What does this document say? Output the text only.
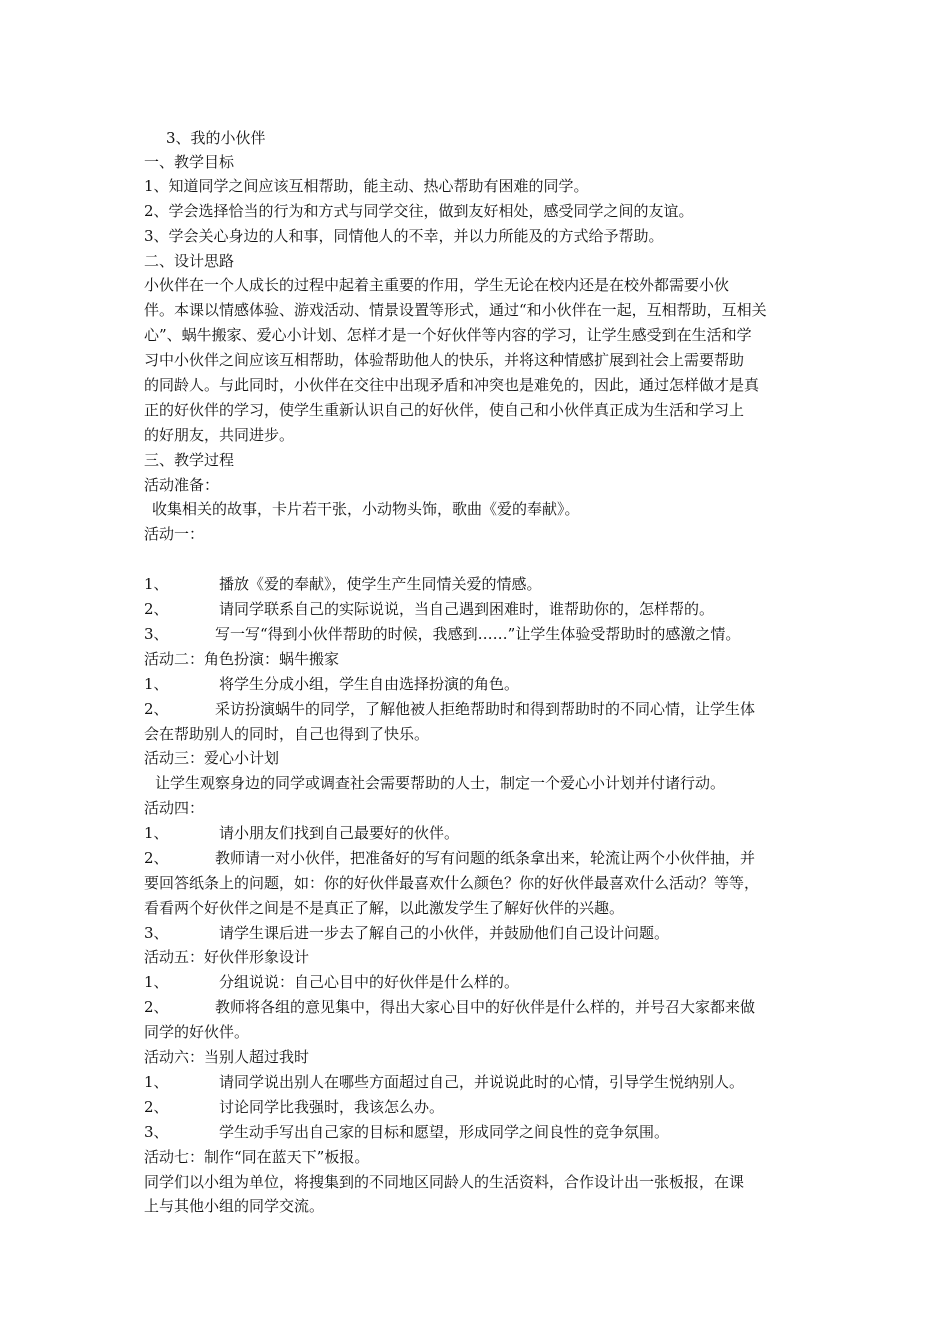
3、我的小伙伴
一、教学目标
1、知道同学之间应该互相帮助，能主动、热心帮助有困难的同学。
2、学会选择恰当的行为和方式与同学交往，做到友好相处，感受同学之间的友谊。
3、学会关心身边的人和事，同情他人的不幸，并以力所能及的方式给予帮助。
二、设计思路
小伙伴在一个人成长的过程中起着主重要的作用，学生无论在校内还是在校外都需要小伙
伴。本课以情感体验、游戏活动、情景设置等形式，通过“和小伙伴在一起，互相帮助，互相关
心”、蜗牛搬家、爱心小计划、怎样才是一个好伙伴等内容的学习，让学生感受到在生活和学
习中小伙伴之间应该互相帮助，体验帮助他人的快乐，并将这种情感扩展到社会上需要帮助
的同龄人。与此同时，小伙伴在交往中出现矛盾和冲突也是难免的，因此，通过怎样做才是真
正的好伙伴的学习，使学生重新认识自己的好伙伴，使自己和小伙伴真正成为生活和学习上
的好朋友，共同进步。
三、教学过程
活动准备：
收集相关的故事，卡片若干张，小动物头饰，歌曲《爱的奉献》。
活动一：
1、	播放《爱的奉献》，使学生产生同情关爱的情感。
2、	请同学联系自己的实际说说，当自己遇到困难时，谁帮助你的，怎样帮的。
3、	写一写“得到小伙伴帮助的时候，我感到……”让学生体验受帮助时的感激之情。
活动二：角色扮演：蜗牛搬家
1、	将学生分成小组，学生自由选择扮演的角色。
2、	采访扮演蜗牛的同学，了解他被人拒绝帮助时和得到帮助时的不同心情，让学生体
会在帮助别人的同时，自己也得到了快乐。
活动三：爱心小计划
让学生观察身边的同学或调查社会需要帮助的人士，制定一个爱心小计划并付诸行动。
活动四：
1、	请小朋友们找到自己最要好的伙伴。
2、	教师请一对小伙伴，把准备好的写有问题的纸条拿出来，轮流让两个小伙伴抽，并
要回答纸条上的问题，如：你的好伙伴最喜欢什么颜色？你的好伙伴最喜欢什么活动？等等，
看看两个好伙伴之间是不是真正了解，以此激发学生了解好伙伴的兴趣。
3、	请学生课后进一步去了解自己的小伙伴，并鼓励他们自己设计问题。
活动五：好伙伴形象设计
1、	分组说说：自己心目中的好伙伴是什么样的。
2、	教师将各组的意见集中，得出大家心目中的好伙伴是什么样的，并号召大家都来做
同学的好伙伴。
活动六：当别人超过我时
1、	请同学说出别人在哪些方面超过自己，并说说此时的心情，引导学生悦纳别人。
2、	讨论同学比我强时，我该怎么办。
3、	学生动手写出自己家的目标和愿望，形成同学之间良性的竞争氛围。
活动七：制作“同在蓝天下”板报。
同学们以小组为单位，将搜集到的不同地区同龄人的生活资料，合作设计出一张板报，在课
上与其他小组的同学交流。
